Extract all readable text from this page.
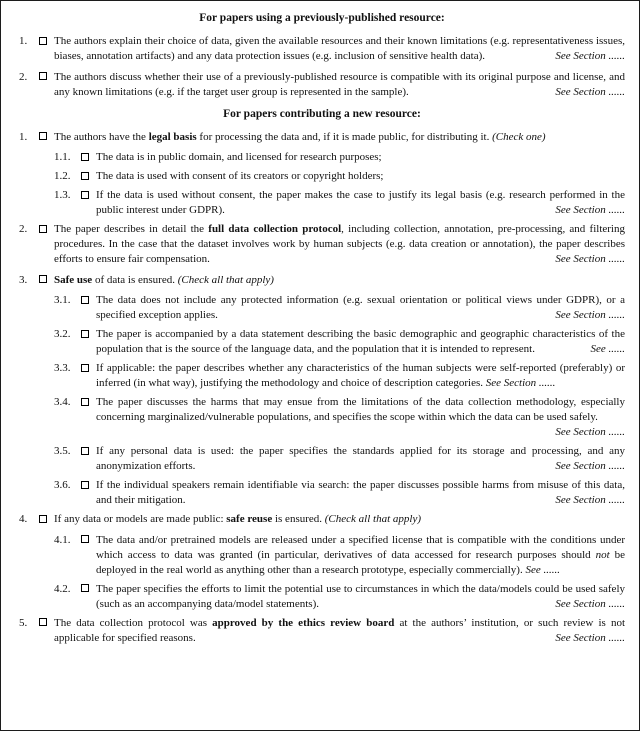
For papers using a previously-published resource:
1.	The authors explain their choice of data, given the available resources and their known limitations (e.g. representativeness issues, biases, annotation artifacts) and any data protection issues (e.g. inclusion of sensitive health data).	See Section ......
2.	The authors discuss whether their use of a previously-published resource is compatible with its original purpose and license, and any known limitations (e.g. if the target user group is represented in the sample).	See Section ......
For papers contributing a new resource:
1.	The authors have the legal basis for processing the data and, if it is made public, for distributing it. (Check one)
1.1.	The data is in public domain, and licensed for research purposes;
1.2.	The data is used with consent of its creators or copyright holders;
1.3.	If the data is used without consent, the paper makes the case to justify its legal basis (e.g. research performed in the public interest under GDPR).	See Section ......
2.	The paper describes in detail the full data collection protocol, including collection, annotation, pre-processing, and filtering procedures. In the case that the dataset involves work by human subjects (e.g. data creation or annotation), the paper describes efforts to ensure fair compensation.	See Section ......
3.	Safe use of data is ensured. (Check all that apply)
3.1.	The data does not include any protected information (e.g. sexual orientation or political views under GDPR), or a specified exception applies.	See Section ......
3.2.	The paper is accompanied by a data statement describing the basic demographic and geographic characteristics of the population that is the source of the language data, and the population that it is intended to represent.	See ......
3.3.	If applicable: the paper describes whether any characteristics of the human subjects were self-reported (preferably) or inferred (in what way), justifying the methodology and choice of description categories. See Section ......
3.4.	The paper discusses the harms that may ensue from the limitations of the data collection methodology, especially concerning marginalized/vulnerable populations, and specifies the scope within which the data can be used safely.
See Section ......
3.5.	If any personal data is used: the paper specifies the standards applied for its storage and processing, and any anonymization efforts.	See Section ......
3.6.	If the individual speakers remain identifiable via search: the paper discusses possible harms from misuse of this data, and their mitigation.	See Section ......
4.	If any data or models are made public: safe reuse is ensured. (Check all that apply)
4.1.	The data and/or pretrained models are released under a specified license that is compatible with the conditions under which access to data was granted (in particular, derivatives of data accessed for research purposes should not be deployed in the real world as anything other than a research prototype, especially commercially). See ......
4.2.	The paper specifies the efforts to limit the potential use to circumstances in which the data/models could be used safely (such as an accompanying data/model statements).	See Section ......
5.	The data collection protocol was approved by the ethics review board at the authors’ institution, or such review is not applicable for specified reasons.	See Section ......
